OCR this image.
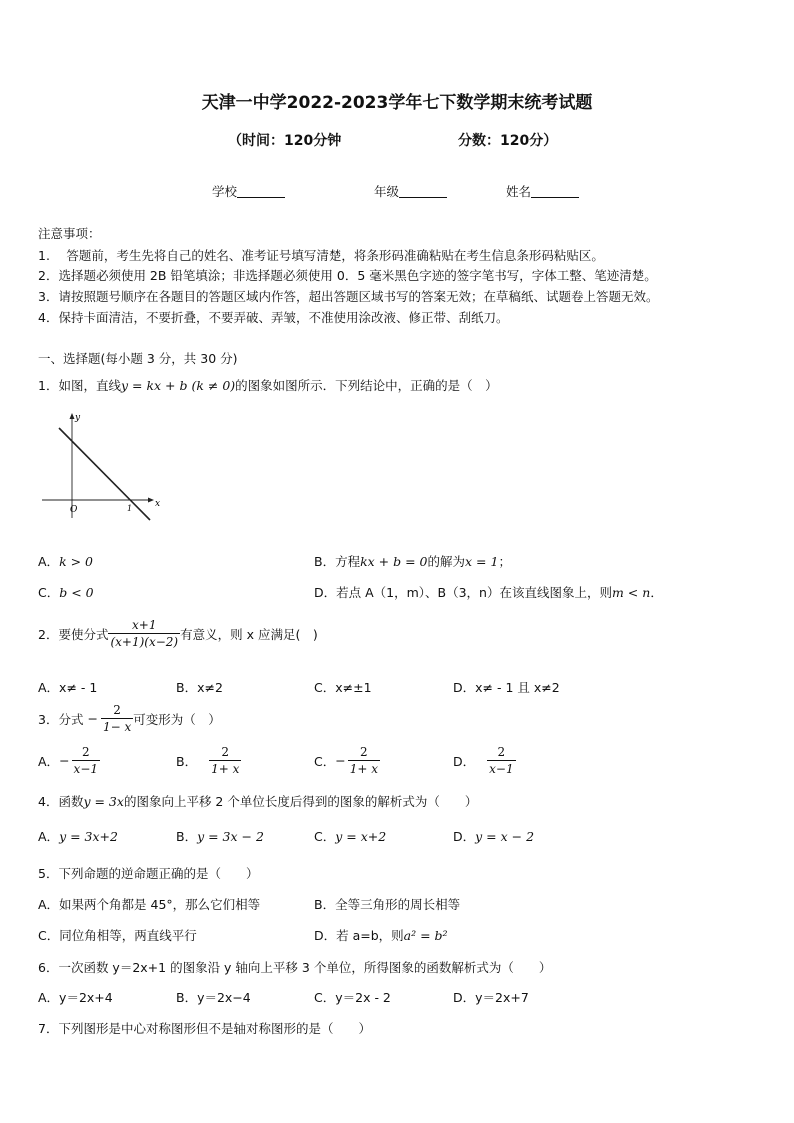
天津一中学2022-2023学年七下数学期末统考试题
（时间：120分钟	分数：120分）
学校	年级	姓名
注意事项：
1.　 答题前，考生先将自己的姓名、准考证号填写清楚，将条形码准确粘贴在考生信息条形码粘贴区。
2．选择题必须使用 2B 铅笔填涂；非选择题必须使用 0．5 毫米黑色字迹的签字笔书写，字体工整、笔迹清楚。
3．请按照题号顺序在各题目的答题区域内作答，超出答题区域书写的答案无效；在草稿纸、试题卷上答题无效。
4．保持卡面清洁，不要折叠，不要弄破、弄皱，不准使用涂改液、修正带、刮纸刀。
一、选择题(每小题 3 分，共 30 分)
1．如图，直线y = kx + b (k ≠ 0)的图象如图所示．下列结论中，正确的是（　）
y
x
O	1
A．k > 0	B．方程kx + b = 0的解为x = 1；
C．b < 0	D．若点 A（1，m）、B（3，n）在该直线图象上，则m < n．
2．要使分式 $\frac{x+1}{(x+1)(x-2)}$ 有意义，则 x 应满足(　)
A．x≠ - 1	B．x≠2	C．x≠±1	D．x≠ - 1 且 x≠2
3．分式 − $\frac{2}{1- x}$ 可变形为（　）
A． − $\frac{2}{x-1}$	B． $\frac{2}{1+ x}$	C． − $\frac{2}{1+ x}$	D． $\frac{2}{x-1}$
4．函数y = 3x的图象向上平移 2 个单位长度后得到的图象的解析式为（　　）
A．y = 3x+2	B．y = 3x − 2	C．y = x+2	D．y = x − 2
5．下列命题的逆命题正确的是（　　）
A．如果两个角都是 45°，那么它们相等	B．全等三角形的周长相等
C．同位角相等，两直线平行	D．若 a=b，则a² = b²
6．一次函数 y＝2x+1 的图象沿 y 轴向上平移 3 个单位，所得图象的函数解析式为（　　）
A．y＝2x+4	B．y＝2x−4	C．y＝2x - 2	D．y＝2x+7
7．下列图形是中心对称图形但不是轴对称图形的是（　　）
